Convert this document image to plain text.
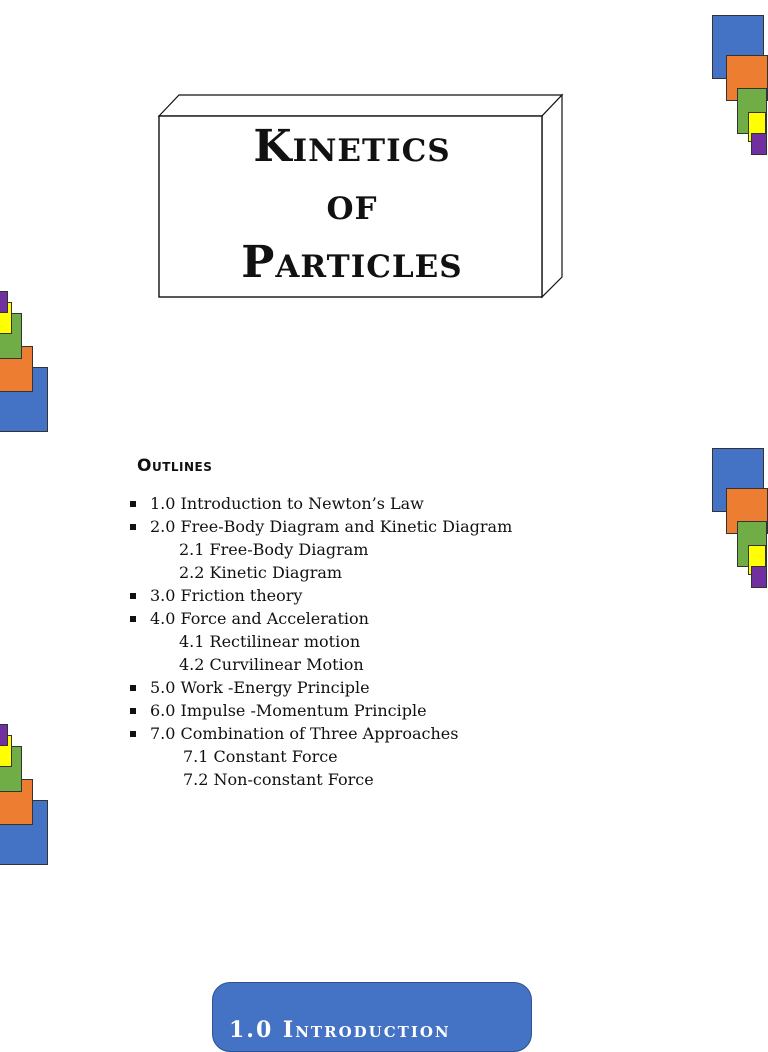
Kinetics
of
Particles
Outlines
1.0 Introduction to Newton’s Law
2.0 Free-Body Diagram and Kinetic Diagram
2.1 Free-Body Diagram
2.2 Kinetic Diagram
3.0 Friction theory
4.0 Force and Acceleration
4.1 Rectilinear motion
4.2 Curvilinear Motion
5.0 Work -Energy Principle
6.0 Impulse -Momentum Principle
7.0 Combination of Three Approaches
7.1 Constant Force
7.2 Non-constant Force
1.0 Introduction
